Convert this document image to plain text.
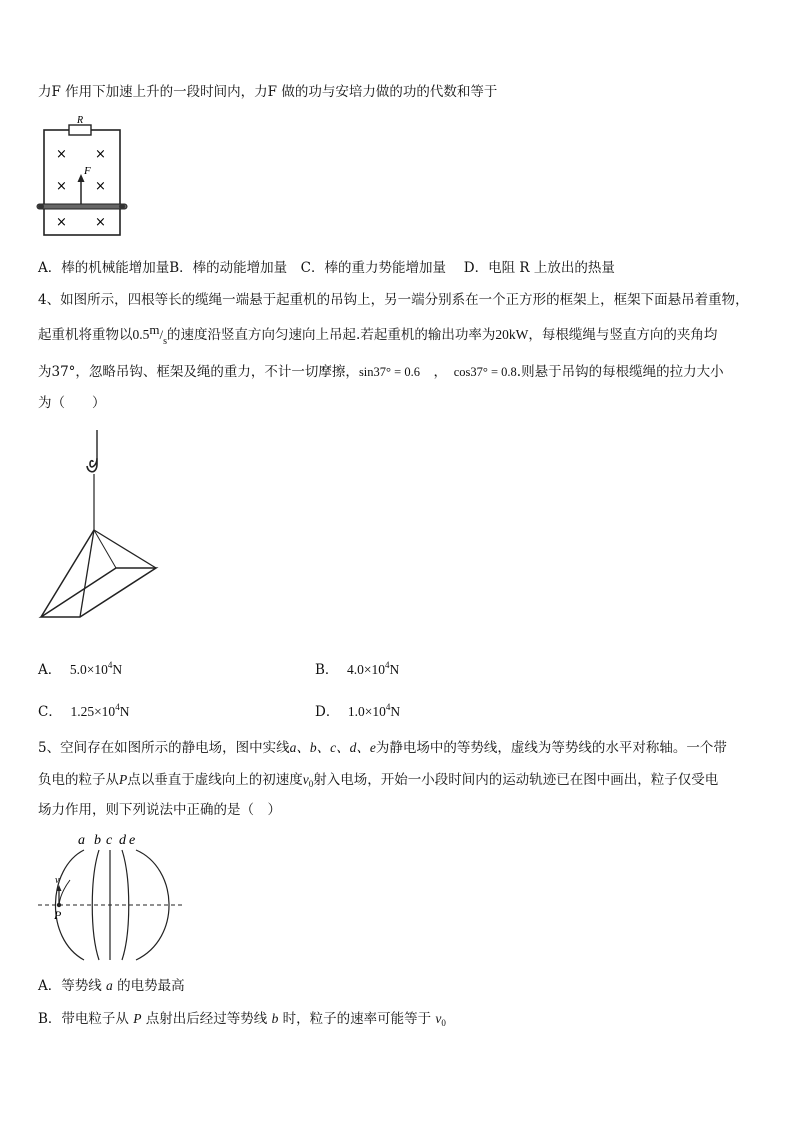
力F 作用下加速上升的一段时间内，力F 做的功与安培力做的功的代数和等于
R
× ×
× ×
× ×
F
A．棒的机械能增加量B．棒的动能增加量　C．棒的重力势能增加量　 D．电阻 R 上放出的热量
4、如图所示，四根等长的缆绳一端悬于起重机的吊钩上，另一端分别系在一个正方形的框架上，框架下面悬吊着重物，
起重机将重物以$0.5m/_s$的速度沿竖直方向匀速向上吊起.若起重机的输出功率为20kW，每根缆绳与竖直方向的夹角均
为37°，忽略吊钩、框架及绳的重力，不计一切摩擦，sin37° = 0.6　，　cos37° = 0.8.则悬于吊钩的每根缆绳的拉力大小
为（　　）
A． $5.0\times 10^4N$	B． $4.0\times 10^4N$
C． $1.25\times 10^4N$	D． $1.0\times 10^4N$
5、空间存在如图所示的静电场，图中实线a、b、c、d、e为静电场中的等势线，虚线为等势线的水平对称轴。一个带
负电的粒子从P点以垂直于虚线向上的初速度$v_0$射入电场，开始一小段时间内的运动轨迹已在图中画出，粒子仅受电
场力作用，则下列说法中正确的是（　）
a b c d e
v
P
A．等势线 a 的电势最高
B．带电粒子从 P 点射出后经过等势线 b 时，粒子的速率可能等于 $v_0$
